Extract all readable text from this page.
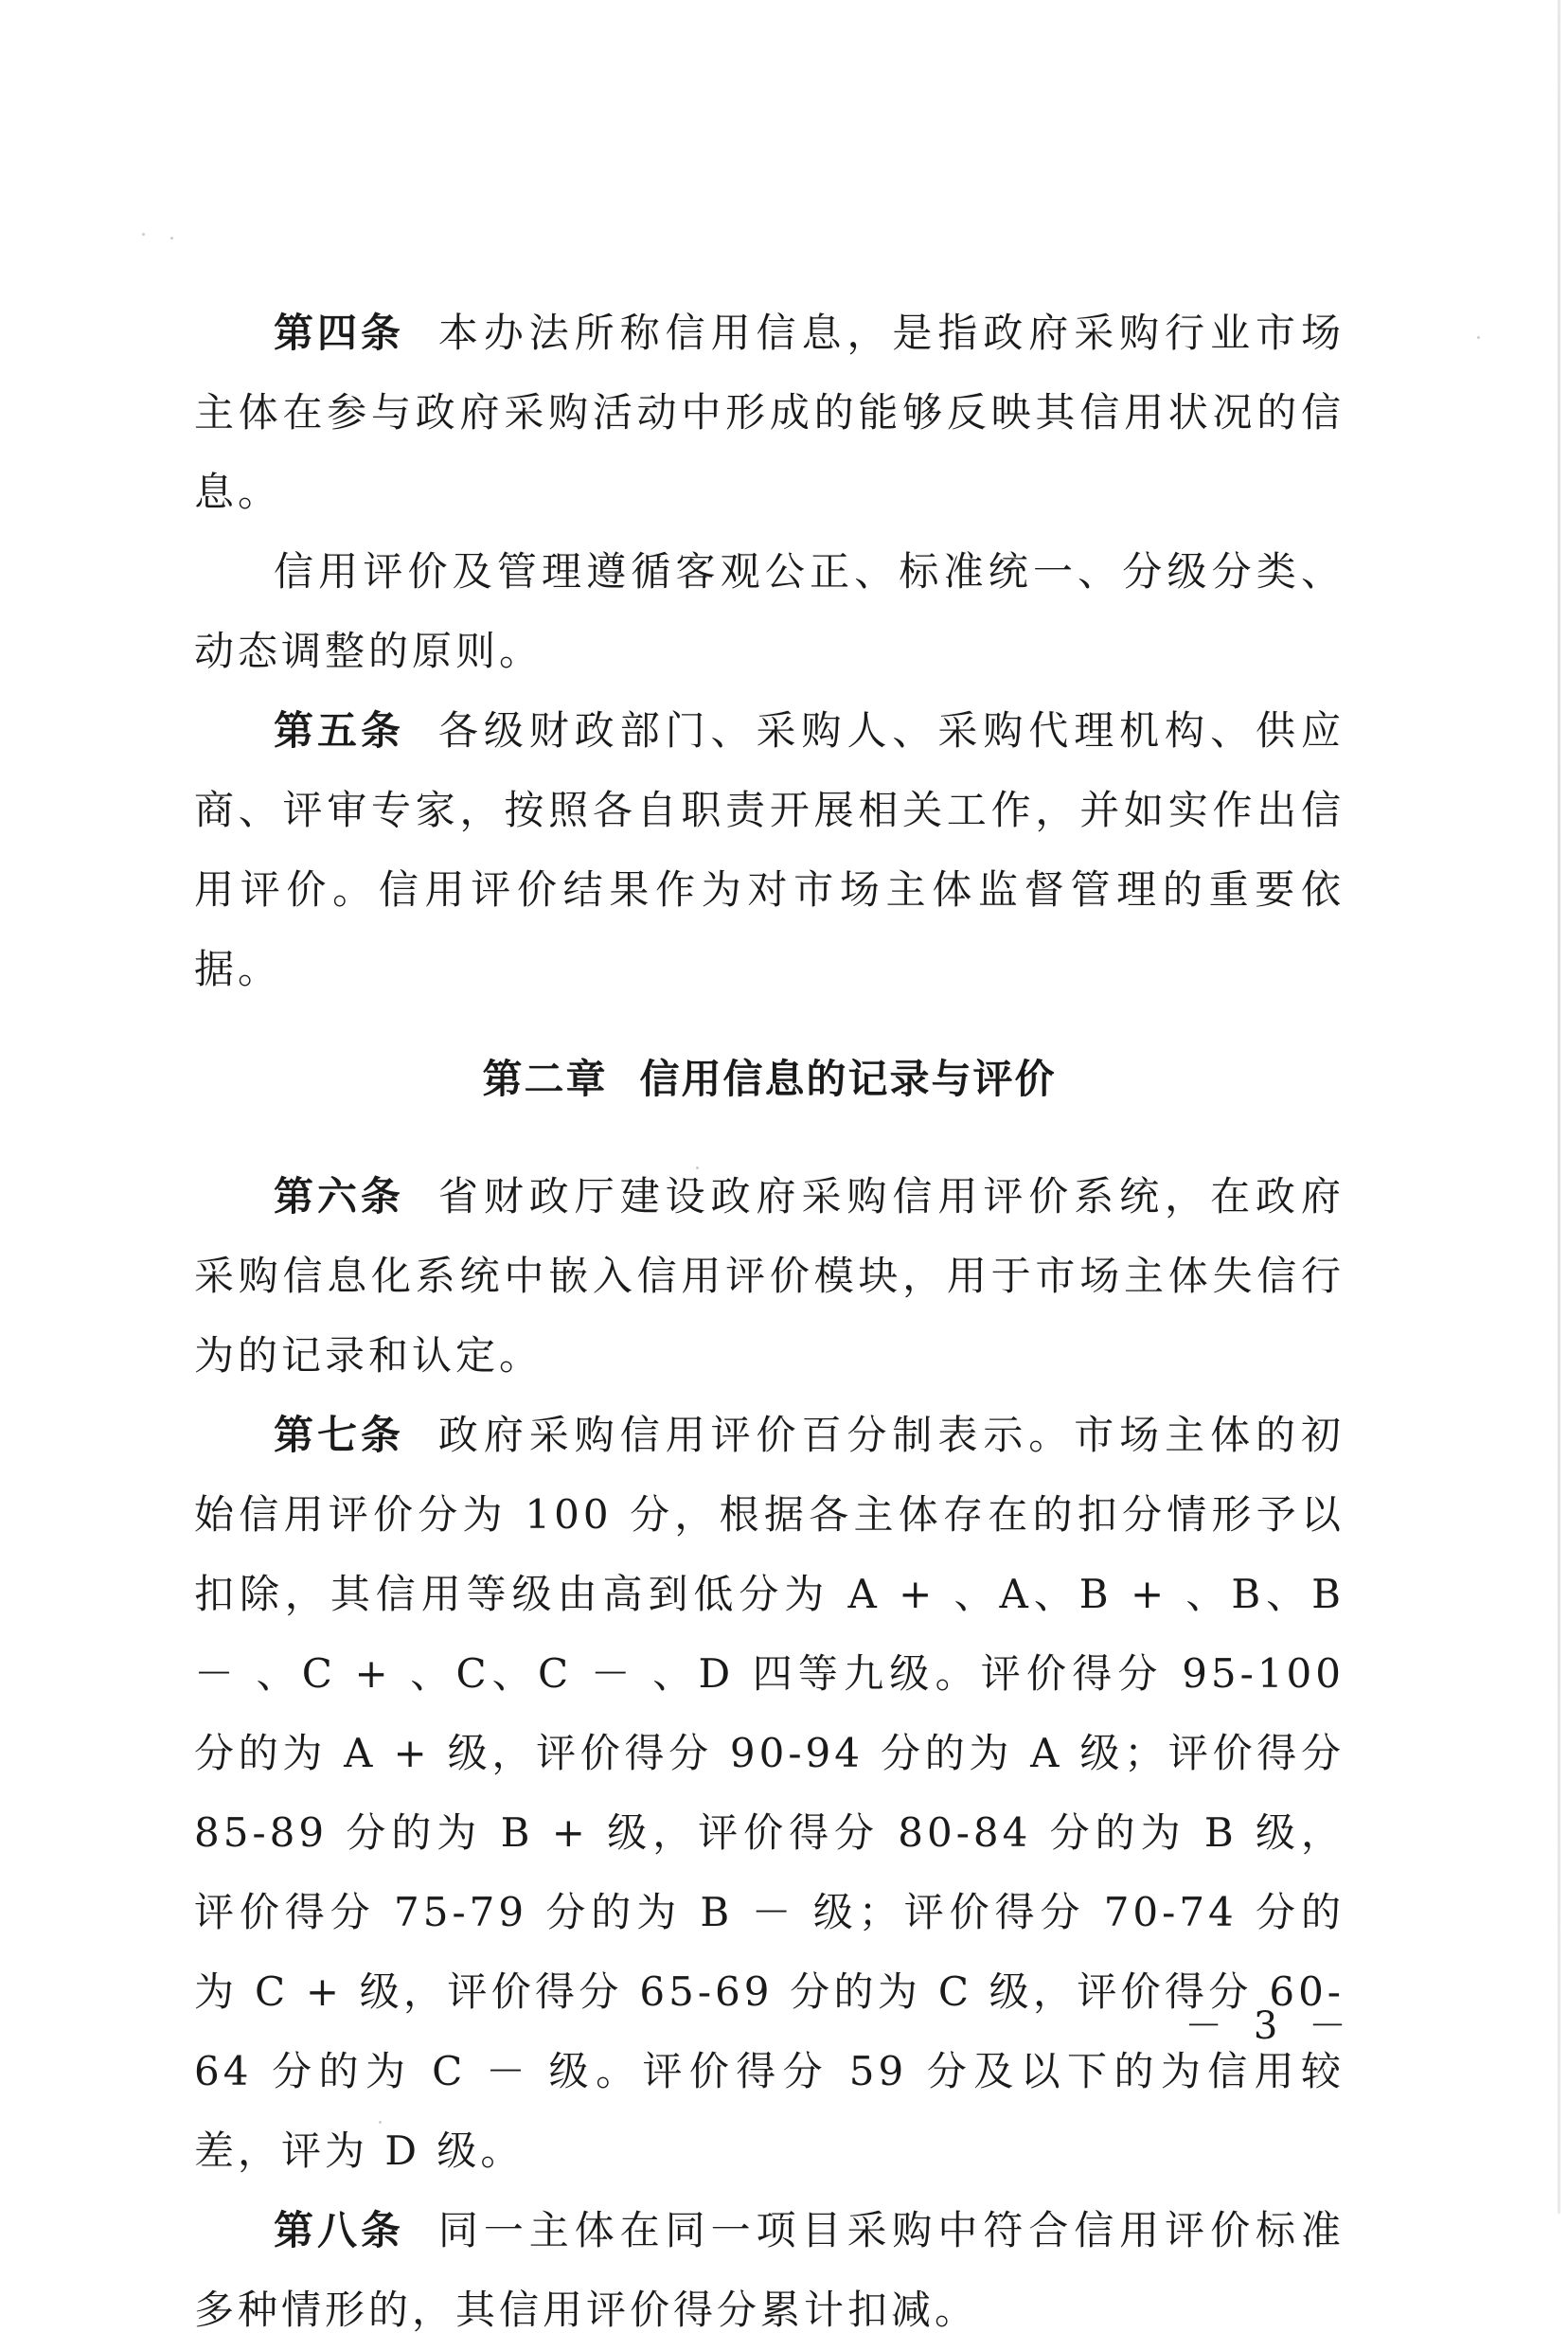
第四条 本办法所称信用信息，是指政府采购行业市场主体在参与政府采购活动中形成的能够反映其信用状况的信息。

信用评价及管理遵循客观公正、标准统一、分级分类、动态调整的原则。

第五条 各级财政部门、采购人、采购代理机构、供应商、评审专家，按照各自职责开展相关工作，并如实作出信用评价。信用评价结果作为对市场主体监督管理的重要依据。

第二章 信用信息的记录与评价

第六条 省财政厅建设政府采购信用评价系统，在政府采购信息化系统中嵌入信用评价模块，用于市场主体失信行为的记录和认定。

第七条 政府采购信用评价百分制表示。市场主体的初始信用评价分为 100 分，根据各主体存在的扣分情形予以扣除，其信用等级由高到低分为 A + 、A、B + 、B、B － 、C + 、C、C － 、D 四等九级。评价得分 95-100 分的为 A + 级，评价得分 90-94 分的为 A 级；评价得分 85-89 分的为 B + 级，评价得分 80-84 分的为 B 级，评价得分 75-79 分的为 B － 级；评价得分 70-74 分的为 C + 级，评价得分 65-69 分的为 C 级，评价得分 60-64 分的为 C － 级。评价得分 59 分及以下的为信用较差，评为 D 级。

第八条 同一主体在同一项目采购中符合信用评价标准多种情形的，其信用评价得分累计扣减。

－ 3 －
